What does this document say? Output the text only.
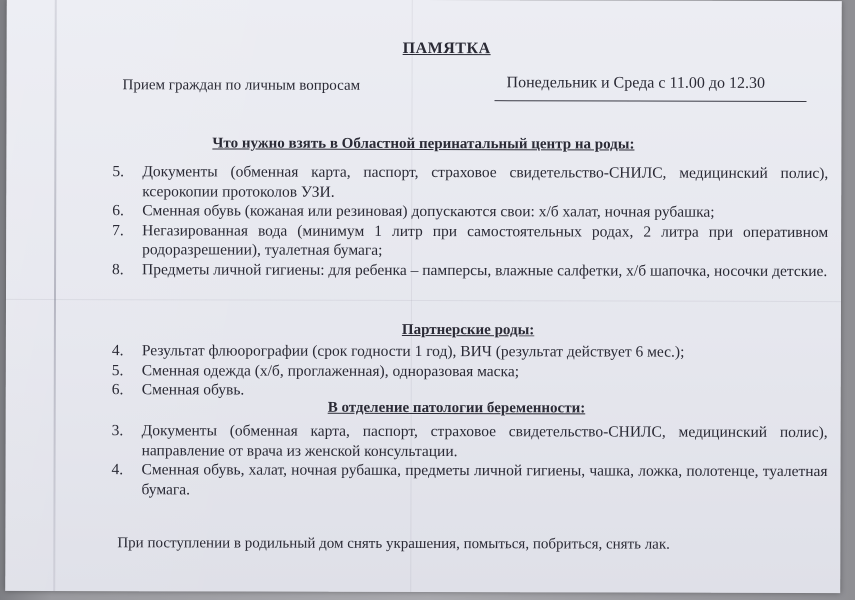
ПАМЯТКА
Прием граждан по личным вопросам	Понедельник и Среда с 11.00 до 12.30
Что нужно взять в Областной перинатальный центр на роды:
5. Документы (обменная карта, паспорт, страховое свидетельство-СНИЛС, медицинский полис), ксерокопии протоколов УЗИ.
6. Сменная обувь (кожаная или резиновая) допускаются свои: х/б халат, ночная рубашка;
7. Негазированная вода (минимум 1 литр при самостоятельных родах, 2 литра при оперативном родоразрешении), туалетная бумага;
8. Предметы личной гигиены: для ребенка – памперсы, влажные салфетки, х/б шапочка, носочки детские.
Партнерские роды:
4. Результат флюорографии (срок годности 1 год), ВИЧ (результат действует 6 мес.);
5. Сменная одежда (х/б, проглаженная), одноразовая маска;
6. Сменная обувь.
В отделение патологии беременности:
3. Документы (обменная карта, паспорт, страховое свидетельство-СНИЛС, медицинский полис), направление от врача из женской консультации.
4. Сменная обувь, халат, ночная рубашка, предметы личной гигиены, чашка, ложка, полотенце, туалетная бумага.
При поступлении в родильный дом снять украшения, помыться, побриться, снять лак.
